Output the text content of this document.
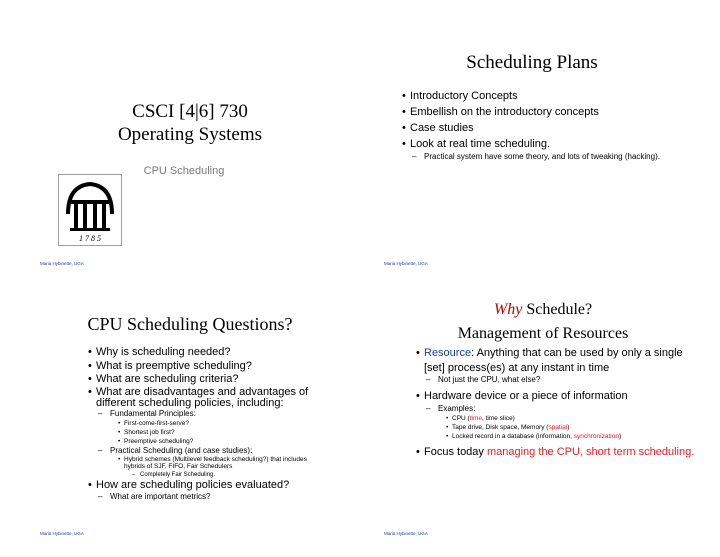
CSCI [4|6] 730
Operating Systems
CPU Scheduling
1 7 8 5
Maria Hybinette, UGA
Scheduling Plans
• Introductory Concepts
• Embellish on the introductory concepts
• Case studies
• Look at real time scheduling.
– Practical system have some theory, and lots of tweaking (hacking).
Maria Hybinette, UGA
CPU Scheduling Questions?
• Why is scheduling needed?
• What is preemptive scheduling?
• What are scheduling criteria?
• What are disadvantages and advantages of different scheduling policies, including:
– Fundamental Principles:
• First-come-first-serve?
• Shortest job first?
• Preemptive scheduling?
– Practical Scheduling (and case studies):
• Hybrid schemes (Multilevel feedback scheduling?) that includes hybrids of SJF, FIFO, Fair Schedulers
– Completely Fair Scheduling.
• How are scheduling policies evaluated?
– What are important metrics?
Maria Hybinette, UGA
Why Schedule?
Management of Resources
• Resource: Anything that can be used by only a single [set] process(es) at any instant in time
– Not just the CPU, what else?
• Hardware device or a piece of information
– Examples:
• CPU (time, time slice)
• Tape drive, Disk space, Memory (spatial)
• Locked record in a database (information, synchronization)
• Focus today managing the CPU, short term scheduling.
Maria Hybinette, UGA
